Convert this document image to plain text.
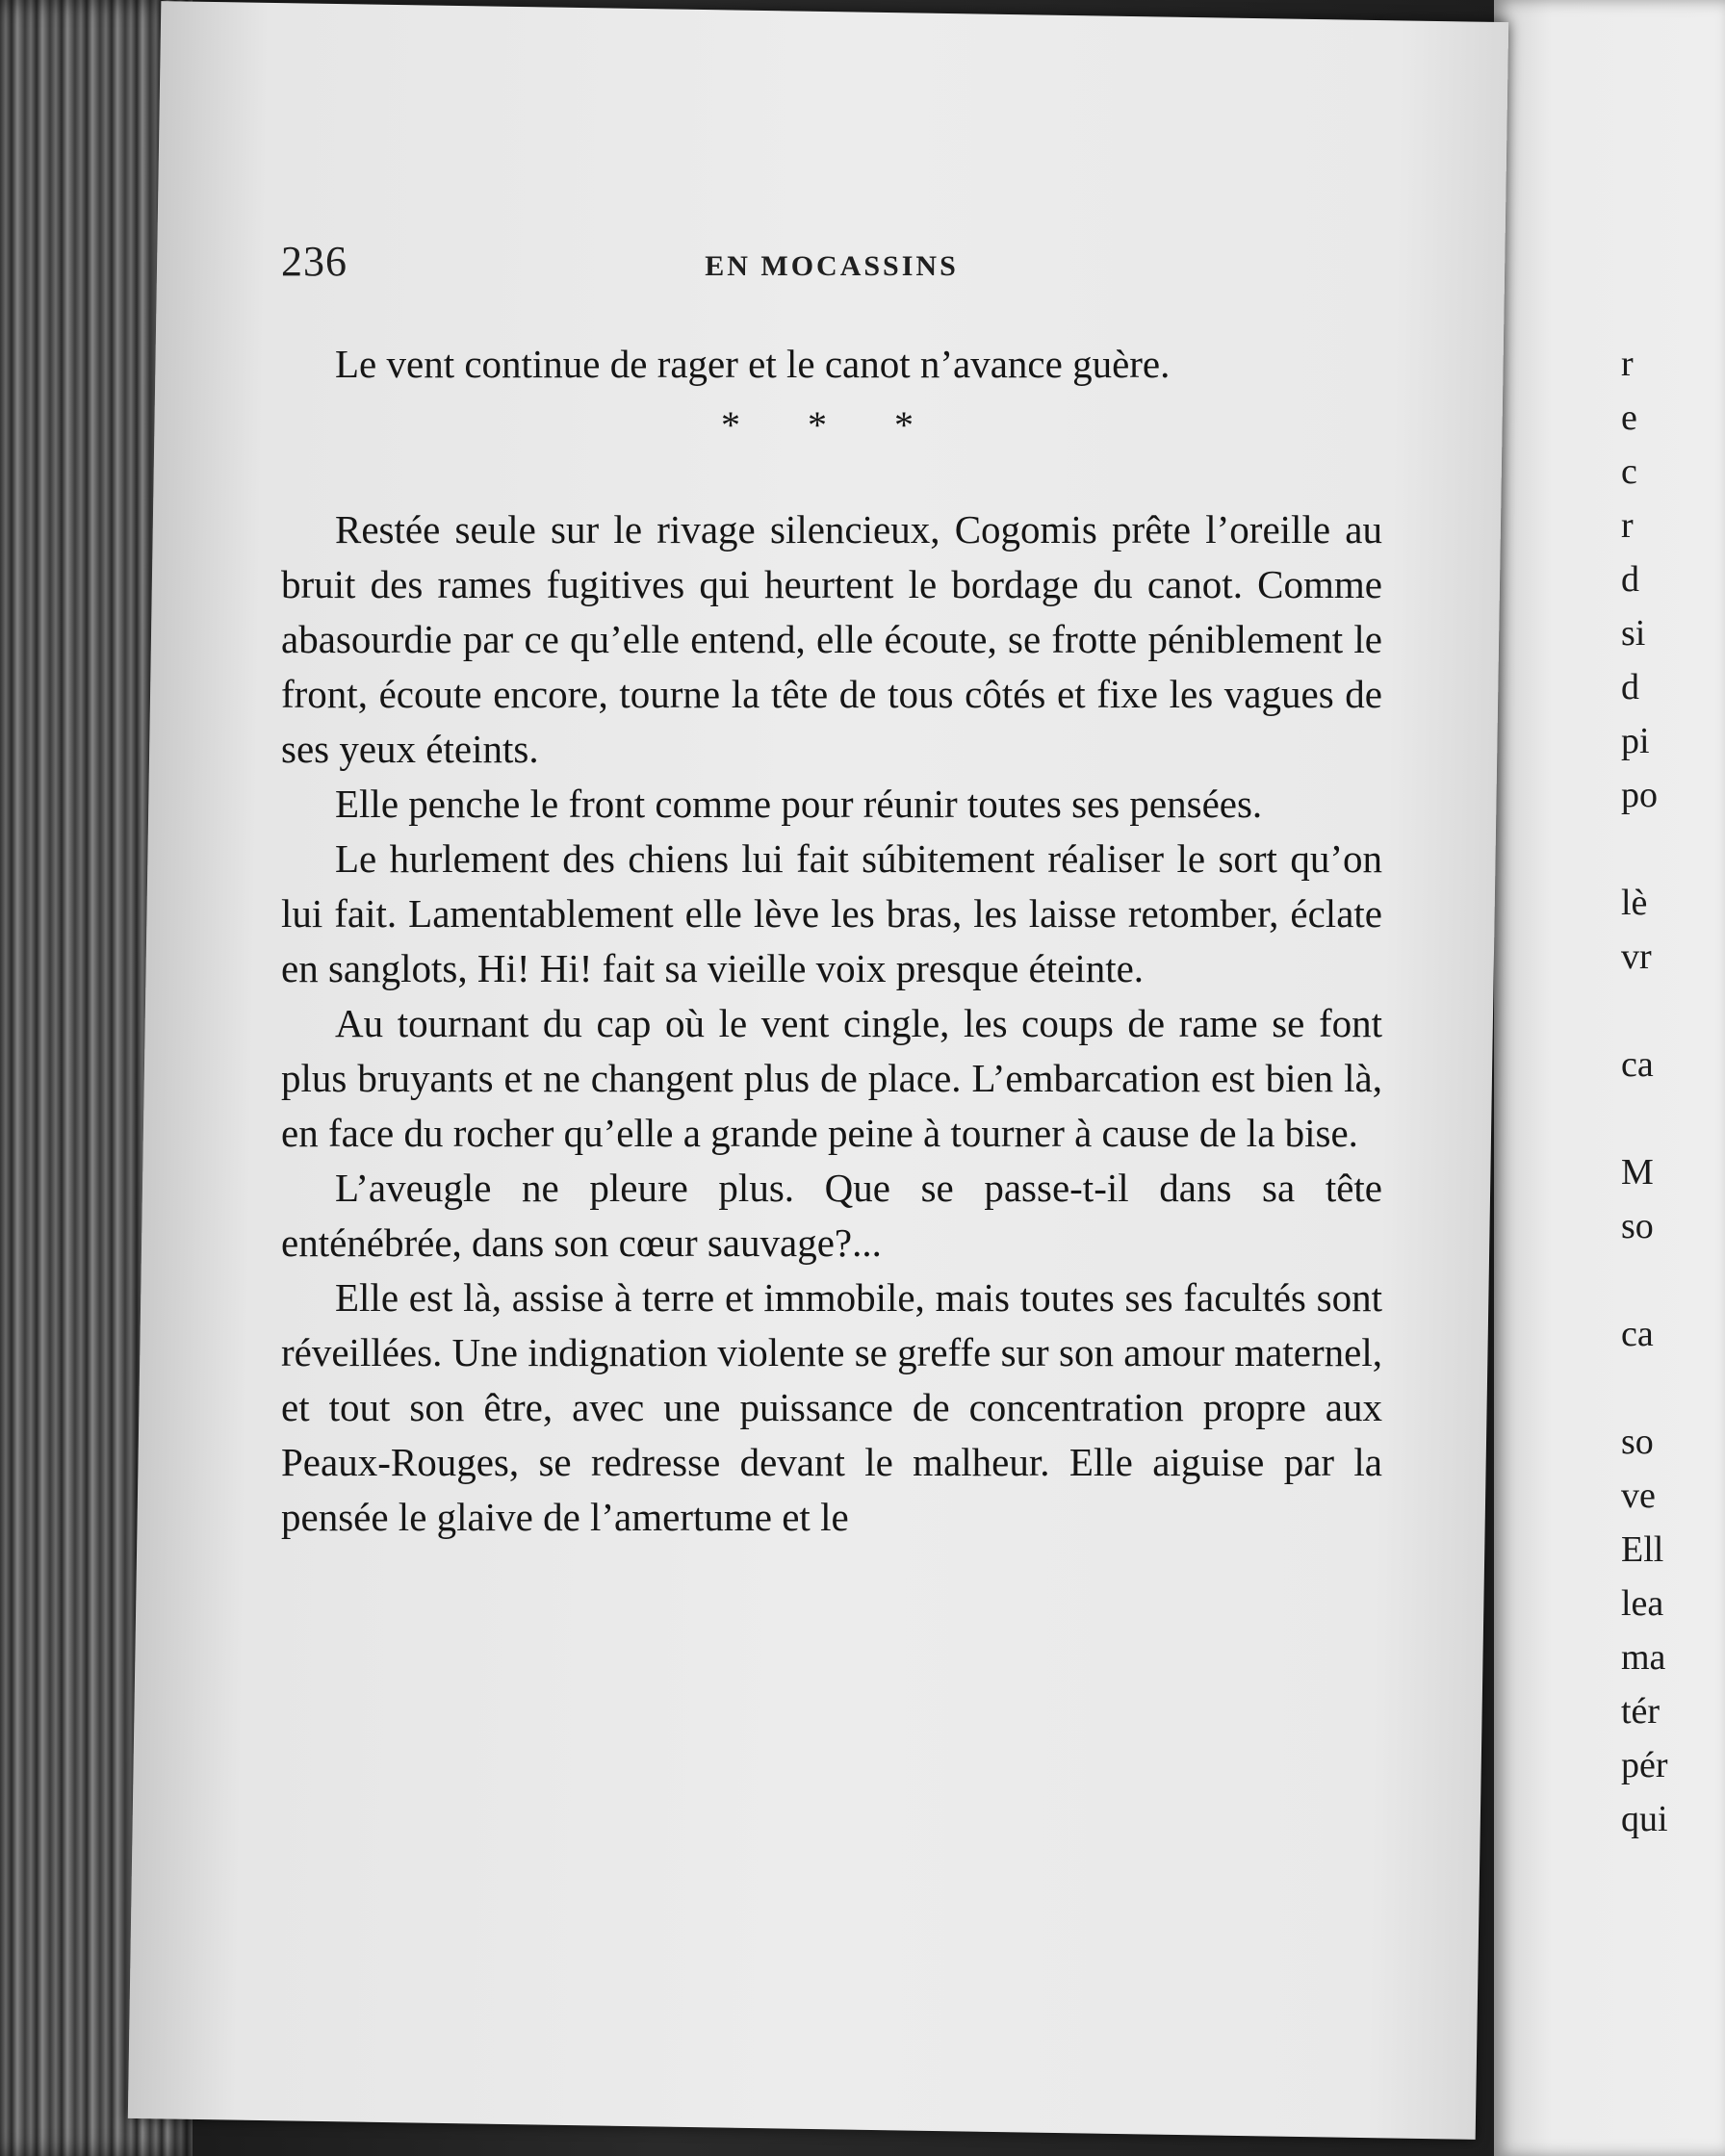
r
e
c
r
d
si
d
pi
po
lè
vr
ca
M
so
ca
so
ve
Ell
lea
ma
tér
pér
qui
236	EN MOCASSINS

Le vent continue de rager et le canot n’avance guère.

* * *

Restée seule sur le rivage silencieux, Cogomis prête l’oreille au bruit des rames fugitives qui heurtent le bordage du canot. Comme abasourdie par ce qu’elle entend, elle écoute, se frotte péniblement le front, écoute encore, tourne la tête de tous côtés et fixe les vagues de ses yeux éteints.

Elle penche le front comme pour réunir toutes ses pensées.

Le hurlement des chiens lui fait súbitement réaliser le sort qu’on lui fait. Lamentablement elle lève les bras, les laisse retomber, éclate en sanglots, Hi! Hi! fait sa vieille voix presque éteinte.

Au tournant du cap où le vent cingle, les coups de rame se font plus bruyants et ne changent plus de place. L’embarcation est bien là, en face du rocher qu’elle a grande peine à tourner à cause de la bise.

L’aveugle ne pleure plus. Que se passe-t-il dans sa tête enténébrée, dans son cœur sauvage?...

Elle est là, assise à terre et immobile, mais toutes ses facultés sont réveillées. Une indignation violente se greffe sur son amour maternel, et tout son être, avec une puissance de concentration propre aux Peaux-Rouges, se redresse devant le malheur. Elle aiguise par la pensée le glaive de l’amertume et le
